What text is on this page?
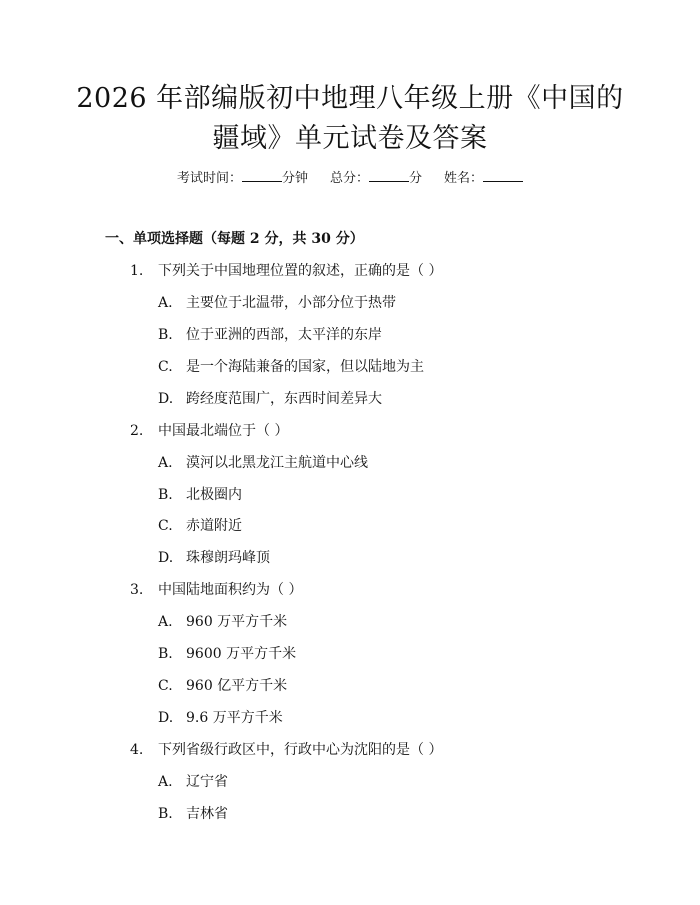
2026 年部编版初中地理八年级上册《中国的
疆域》单元试卷及答案
考试时间：	分钟 总分：	分 姓名：
一、单项选择题（每题 2 分，共 30 分）
1. 下列关于中国地理位置的叙述，正确的是（ ）
A. 主要位于北温带，小部分位于热带
B. 位于亚洲的西部，太平洋的东岸
C. 是一个海陆兼备的国家，但以陆地为主
D. 跨经度范围广，东西时间差异大
2. 中国最北端位于（ ）
A. 漠河以北黑龙江主航道中心线
B. 北极圈内
C. 赤道附近
D. 珠穆朗玛峰顶
3. 中国陆地面积约为（ ）
A. 960 万平方千米
B. 9600 万平方千米
C. 960 亿平方千米
D. 9.6 万平方千米
4. 下列省级行政区中，行政中心为沈阳的是（ ）
A. 辽宁省
B. 吉林省
